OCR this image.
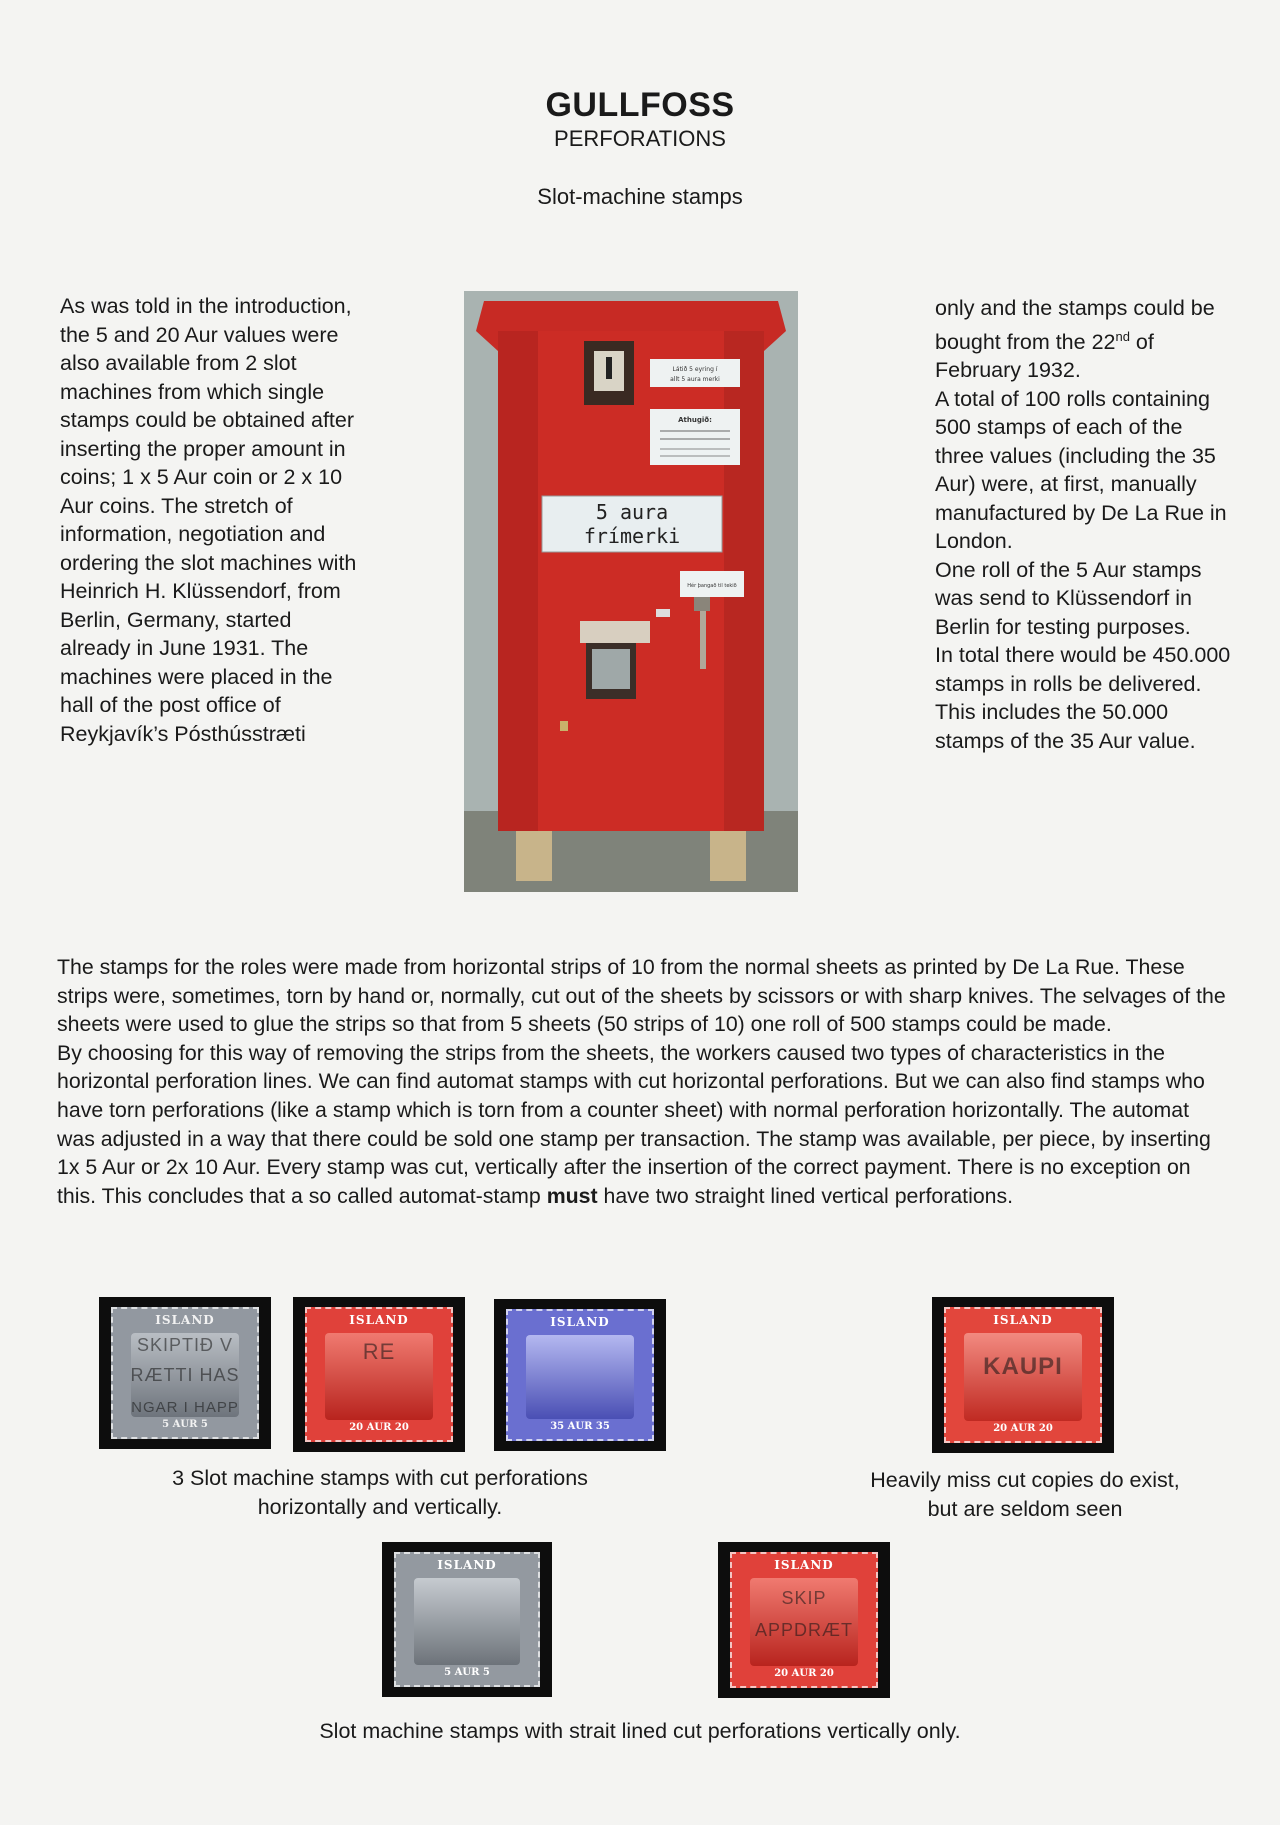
GULLFOSS
PERFORATIONS
Slot-machine stamps

As was told in the introduction, the 5 and 20 Aur values were also available from 2 slot machines from which single stamps could be obtained after inserting the proper amount in coins; 1 x 5 Aur coin or 2 x 10 Aur coins. The stretch of information, negotiation and ordering the slot machines with Heinrich H. Klüssendorf, from Berlin, Germany, started already in June 1931. The machines were placed in the hall of the post office of Reykjavík’s Pósthússtræti

Látið 5 eyring í
allt 5 aura merki
Athugið:
5 aura
frímerki
Hér þangað til tekið

only and the stamps could be bought from the 22nd of February 1932.

A total of 100 rolls containing 500 stamps of each of the three values (including the 35 Aur) were, at first, manually manufactured by De La Rue in London.

One roll of the 5 Aur stamps was send to Klüssendorf in Berlin for testing purposes.

In total there would be 450.000 stamps in rolls be delivered. This includes the 50.000 stamps of the 35 Aur value.

The stamps for the roles were made from horizontal strips of 10 from the normal sheets as printed by De La Rue. These strips were, sometimes, torn by hand or, normally, cut out of the sheets by scissors or with sharp knives. The selvages of the sheets were used to glue the strips so that from 5 sheets (50 strips of 10) one roll of 500 stamps could be made.

By choosing for this way of removing the strips from the sheets, the workers caused two types of characteristics in the horizontal perforation lines. We can find automat stamps with cut horizontal perforations. But we can also find stamps who have torn perforations (like a stamp which is torn from a counter sheet) with normal perforation horizontally. The automat was adjusted in a way that there could be sold one stamp per transaction. The stamp was available, per piece, by inserting 1x 5 Aur or 2x 10 Aur. Every stamp was cut, vertically after the insertion of the correct payment. There is no exception on this. This concludes that a so called automat-stamp must have two straight lined vertical perforations.

ISLAND
SKIPTIÐ V
RÆTTI HAS
NGAR I HAPP
5 AUR 5
ISLAND
RE
20 AUR 20
ISLAND
35 AUR 35
ISLAND
KAUPI
20 AUR 20
ISLAND
5 AUR 5
ISLAND
SKIP
APPDRÆT
20 AUR 20
3 Slot machine stamps with cut perforations
horizontally and vertically.
Heavily miss cut copies do exist,
but are seldom seen
Slot machine stamps with strait lined cut perforations vertically only.
